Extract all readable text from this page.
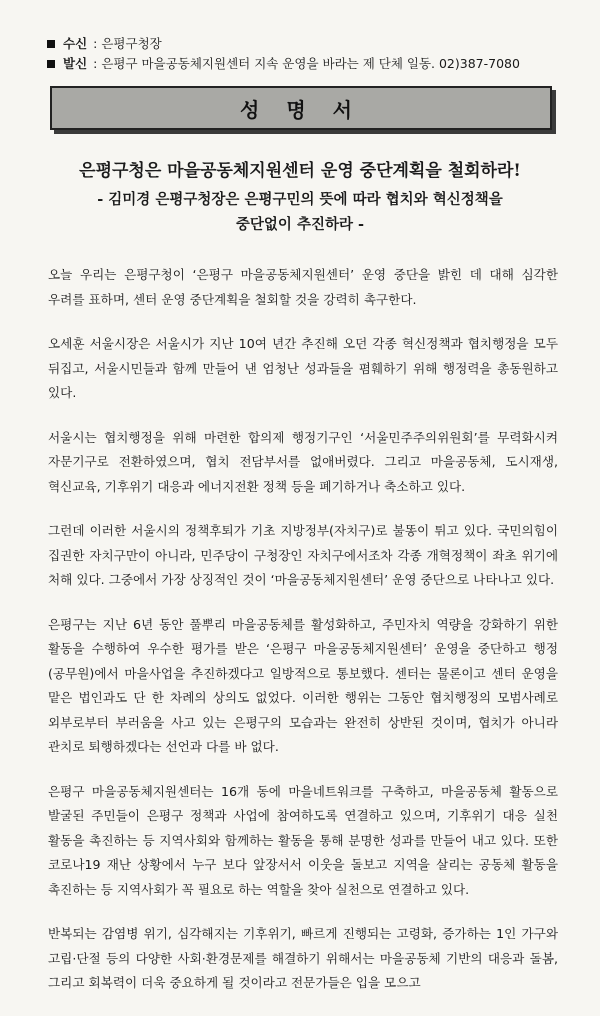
수신 : 은평구청장
발신 : 은평구 마을공동체지원센터 지속 운영을 바라는 제 단체 일동. 02)387-7080
성 명 서
은평구청은 마을공동체지원센터 운영 중단계획을 철회하라!
- 김미경 은평구청장은 은평구민의 뜻에 따라 협치와 혁신정책을
중단없이 추진하라 -

오늘 우리는 은평구청이 ‘은평구 마을공동체지원센터’ 운영 중단을 밝힌 데 대해 심각한 우려를 표하며, 센터 운영 중단계획을 철회할 것을 강력히 촉구한다.

오세훈 서울시장은 서울시가 지난 10여 년간 추진해 오던 각종 혁신정책과 협치행정을 모두 뒤집고, 서울시민들과 함께 만들어 낸 엄청난 성과들을 폄훼하기 위해 행정력을 총동원하고 있다.

서울시는 협치행정을 위해 마련한 합의제 행정기구인 ‘서울민주주의위원회’를 무력화시켜 자문기구로 전환하였으며, 협치 전담부서를 없애버렸다. 그리고 마을공동체, 도시재생, 혁신교육, 기후위기 대응과 에너지전환 정책 등을 폐기하거나 축소하고 있다.

그런데 이러한 서울시의 정책후퇴가 기초 지방정부(자치구)로 불똥이 튀고 있다. 국민의힘이 집권한 자치구만이 아니라, 민주당이 구청장인 자치구에서조차 각종 개혁정책이 좌초 위기에 처해 있다. 그중에서 가장 상징적인 것이 ‘마을공동체지원센터’ 운영 중단으로 나타나고 있다.

은평구는 지난 6년 동안 풀뿌리 마을공동체를 활성화하고, 주민자치 역량을 강화하기 위한 활동을 수행하여 우수한 평가를 받은 ‘은평구 마을공동체지원센터’ 운영을 중단하고 행정(공무원)에서 마을사업을 추진하겠다고 일방적으로 통보했다. 센터는 물론이고 센터 운영을 맡은 법인과도 단 한 차례의 상의도 없었다. 이러한 행위는 그동안 협치행정의 모범사례로 외부로부터 부러움을 사고 있는 은평구의 모습과는 완전히 상반된 것이며, 협치가 아니라 관치로 퇴행하겠다는 선언과 다를 바 없다.

은평구 마을공동체지원센터는 16개 동에 마을네트워크를 구축하고, 마을공동체 활동으로 발굴된 주민들이 은평구 정책과 사업에 참여하도록 연결하고 있으며, 기후위기 대응 실천 활동을 촉진하는 등 지역사회와 함께하는 활동을 통해 분명한 성과를 만들어 내고 있다. 또한 코로나19 재난 상황에서 누구 보다 앞장서서 이웃을 돌보고 지역을 살리는 공동체 활동을 촉진하는 등 지역사회가 꼭 필요로 하는 역할을 찾아 실천으로 연결하고 있다.

반복되는 감염병 위기, 심각해지는 기후위기, 빠르게 진행되는 고령화, 증가하는 1인 가구와 고립·단절 등의 다양한 사회·환경문제를 해결하기 위해서는 마을공동체 기반의 대응과 돌봄, 그리고 회복력이 더욱 중요하게 될 것이라고 전문가들은 입을 모으고
